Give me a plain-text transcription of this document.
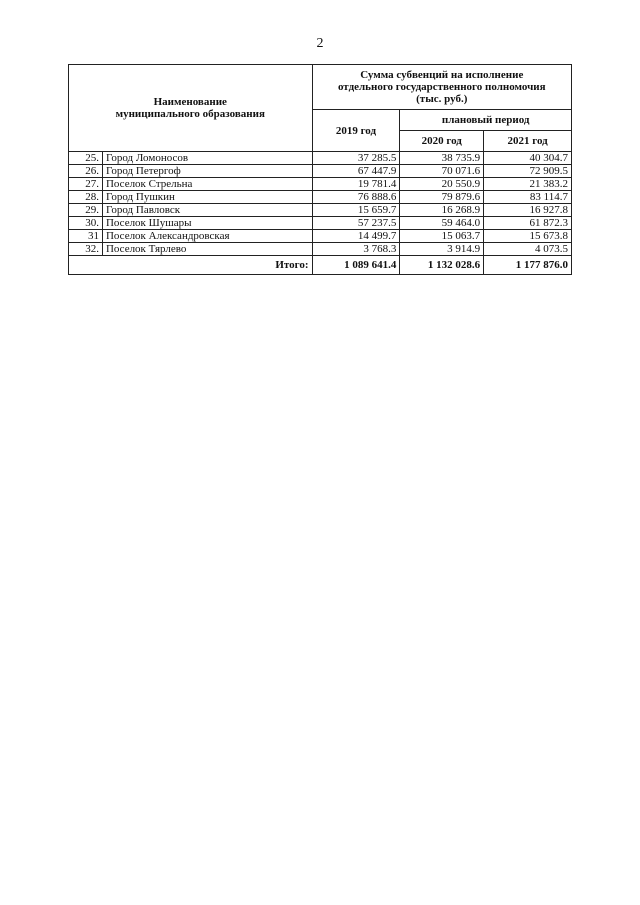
2
Наименование
муниципального образования		Сумма субвенций на исполнение
отдельного государственного полномочия
(тыс. руб.)		
		2019 год	плановый период	
			2020 год	2021 год
25.	Город Ломоносов	37 285.5	38 735.9	40 304.7
26.	Город Петергоф	67 447.9	70 071.6	72 909.5
27.	Поселок Стрельна	19 781.4	20 550.9	21 383.2
28.	Город Пушкин	76 888.6	79 879.6	83 114.7
29.	Город Павловск	15 659.7	16 268.9	16 927.8
30.	Поселок Шушары	57 237.5	59 464.0	61 872.3
31	Поселок Александровская	14 499.7	15 063.7	15 673.8
32.	Поселок Тярлево	3 768.3	3 914.9	4 073.5
Итого:		1 089 641.4	1 132 028.6	1 177 876.0
